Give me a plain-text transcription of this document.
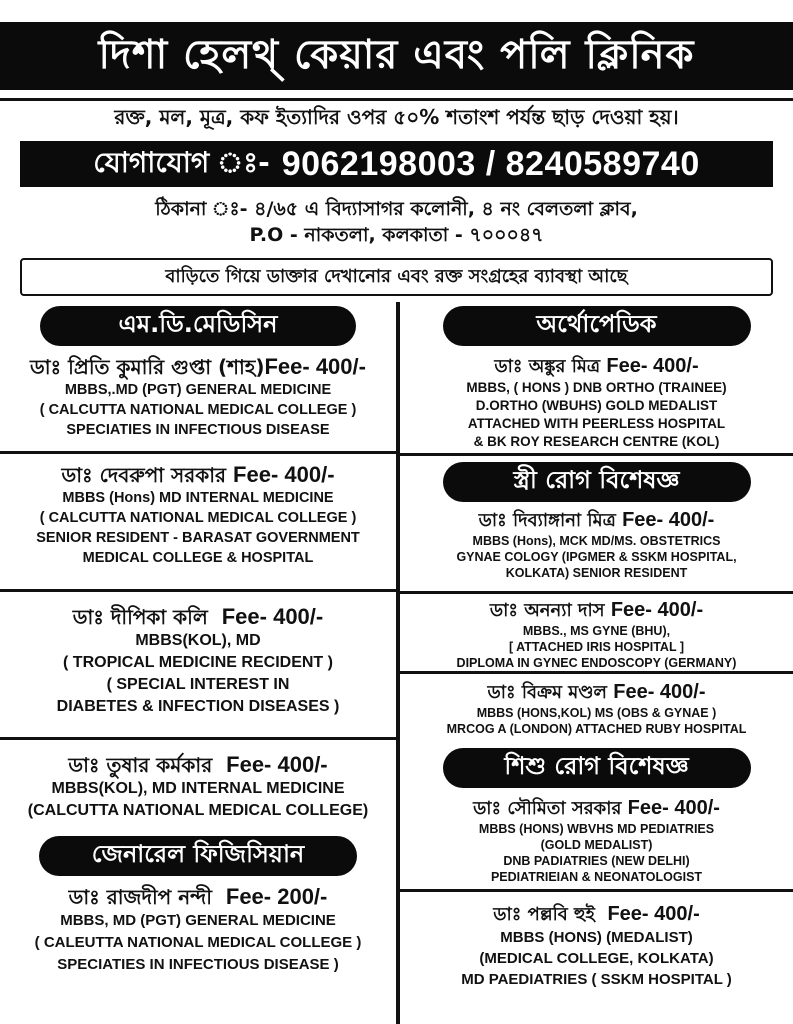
দিশা হেলথ্ কেয়ার এবং পলি ক্লিনিক
রক্ত, মল, মূত্র, কফ ইত্যাদির ওপর ৫০% শতাংশ পর্যন্ত ছাড় দেওয়া হয়।
যোগাযোগ ঃ- 9062198003 / 8240589740
ঠিকানা ঃ- ৪/৬৫ এ বিদ্যাসাগর কলোনী, ৪ নং বেলতলা ক্লাব,
P.O - নাকতলা, কলকাতা - ৭০০০৪৭
বাড়িতে গিয়ে ডাক্তার দেখানোর এবং রক্ত সংগ্রহের ব্যাবস্থা আছে
এম.ডি.মেডিসিন
ডাঃ প্রিতি কুমারি গুপ্তা (শাহ)Fee- 400/-
MBBS,.MD (PGT) GENERAL MEDICINE
( CALCUTTA NATIONAL MEDICAL COLLEGE )
SPECIATIES IN INFECTIOUS DISEASE
ডাঃ দেবরুপা সরকার Fee- 400/-
MBBS (Hons) MD INTERNAL MEDICINE
( CALCUTTA NATIONAL MEDICAL COLLEGE )
SENIOR RESIDENT - BARASAT GOVERNMENT
MEDICAL COLLEGE & HOSPITAL
ডাঃ দীপিকা কলি Fee- 400/-
MBBS(KOL), MD
( TROPICAL MEDICINE RECIDENT )
( SPECIAL INTEREST IN
DIABETES & INFECTION DISEASES )
ডাঃ তুষার কর্মকার Fee- 400/-
MBBS(KOL), MD INTERNAL MEDICINE
(CALCUTTA NATIONAL MEDICAL COLLEGE)
জেনারেল ফিজিসিয়ান
ডাঃ রাজদীপ নন্দী Fee- 200/-
MBBS, MD (PGT) GENERAL MEDICINE
( CALEUTTA NATIONAL MEDICAL COLLEGE )
SPECIATIES IN INFECTIOUS DISEASE )
অর্থোপেডিক
ডাঃ অঙ্কুর মিত্র Fee- 400/-
MBBS, ( HONS ) DNB ORTHO (TRAINEE)
D.ORTHO (WBUHS) GOLD MEDALIST
ATTACHED WITH PEERLESS HOSPITAL
& BK ROY RESEARCH CENTRE (KOL)
স্ত্রী রোগ বিশেষজ্ঞ
ডাঃ দিব্যাঙ্গানা মিত্র Fee- 400/-
MBBS (Hons), MCK MD/MS. OBSTETRICS
GYNAE COLOGY (IPGMER & SSKM HOSPITAL,
KOLKATA) SENIOR RESIDENT
ডাঃ অনন্যা দাস Fee- 400/-
MBBS., MS GYNE (BHU),
[ ATTACHED IRIS HOSPITAL ]
DIPLOMA IN GYNEC ENDOSCOPY (GERMANY)
ডাঃ বিক্রম মণ্ডল Fee- 400/-
MBBS (HONS,KOL) MS (OBS & GYNAE )
MRCOG A (LONDON) ATTACHED RUBY HOSPITAL
শিশু রোগ বিশেষজ্ঞ
ডাঃ সৌমিতা সরকার Fee- 400/-
MBBS (HONS) WBVHS MD PEDIATRIES
(GOLD MEDALIST)
DNB PADIATRIES (NEW DELHI)
PEDIATRIEIAN & NEONATOLOGIST
ডাঃ পল্লবি হুই Fee- 400/-
MBBS (HONS) (MEDALIST)
(MEDICAL COLLEGE, KOLKATA)
MD PAEDIATRIES ( SSKM HOSPITAL )
